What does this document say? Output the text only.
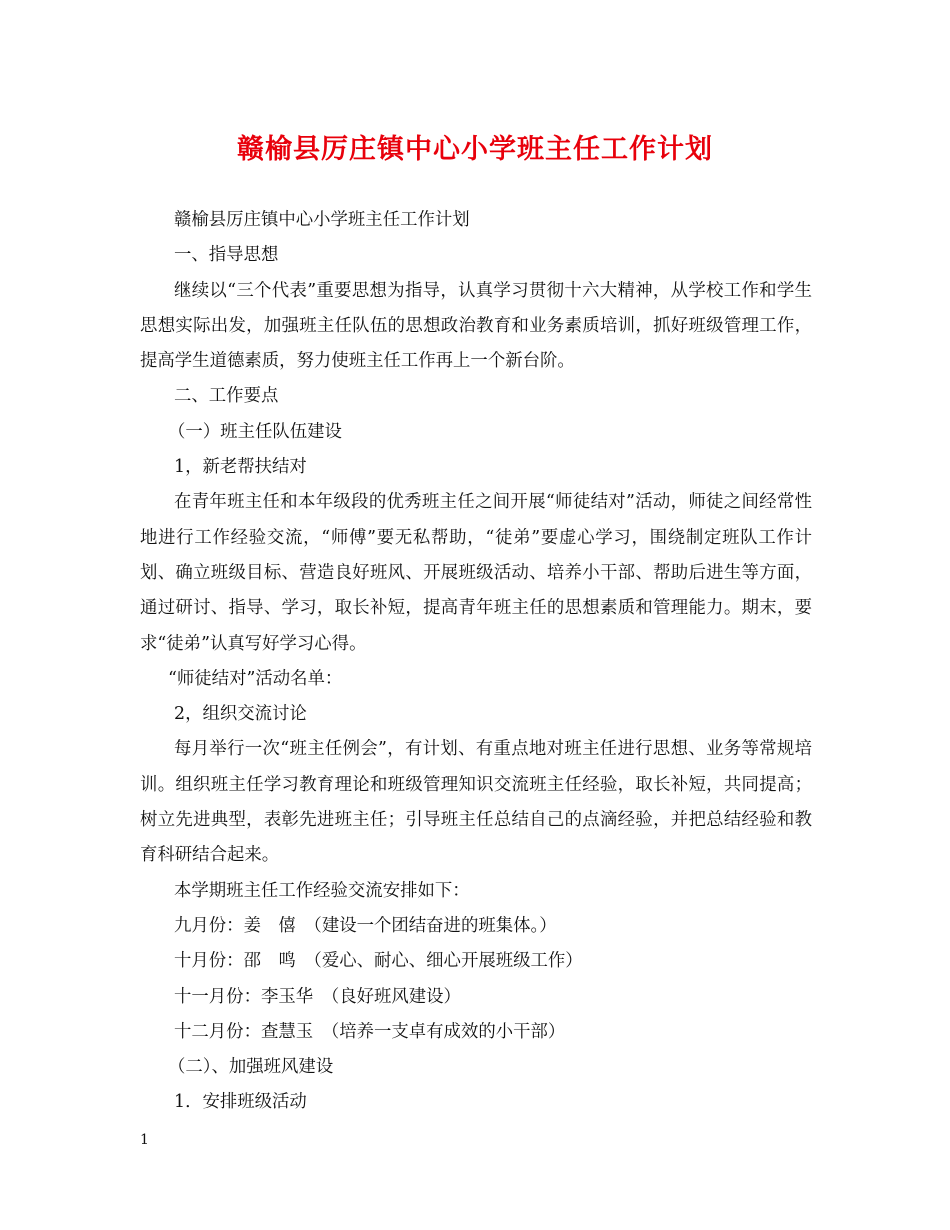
赣榆县厉庄镇中心小学班主任工作计划

赣榆县厉庄镇中心小学班主任工作计划

一、指导思想

继续以“三个代表”重要思想为指导，认真学习贯彻十六大精神，从学校工作和学生思想实际出发，加强班主任队伍的思想政治教育和业务素质培训，抓好班级管理工作，提高学生道德素质，努力使班主任工作再上一个新台阶。

二、工作要点

（一）班主任队伍建设

1，新老帮扶结对

在青年班主任和本年级段的优秀班主任之间开展“师徒结对”活动，师徒之间经常性地进行工作经验交流，“师傅”要无私帮助，“徒弟”要虚心学习，围绕制定班队工作计划、确立班级目标、营造良好班风、开展班级活动、培养小干部、帮助后进生等方面，通过研讨、指导、学习，取长补短，提高青年班主任的思想素质和管理能力。期末，要求“徒弟”认真写好学习心得。

“师徒结对”活动名单：

2，组织交流讨论

每月举行一次“班主任例会”，有计划、有重点地对班主任进行思想、业务等常规培训。组织班主任学习教育理论和班级管理知识交流班主任经验，取长补短，共同提高；树立先进典型，表彰先进班主任；引导班主任总结自己的点滴经验，并把总结经验和教育科研结合起来。

本学期班主任工作经验交流安排如下：

九月份：姜　僖　（建设一个团结奋进的班集体。）

十月份：邵　鸣　（爱心、耐心、细心开展班级工作）

十一月份：李玉华　（良好班风建设）

十二月份：查慧玉　（培养一支卓有成效的小干部）

（二）、加强班风建设

1．安排班级活动

1
